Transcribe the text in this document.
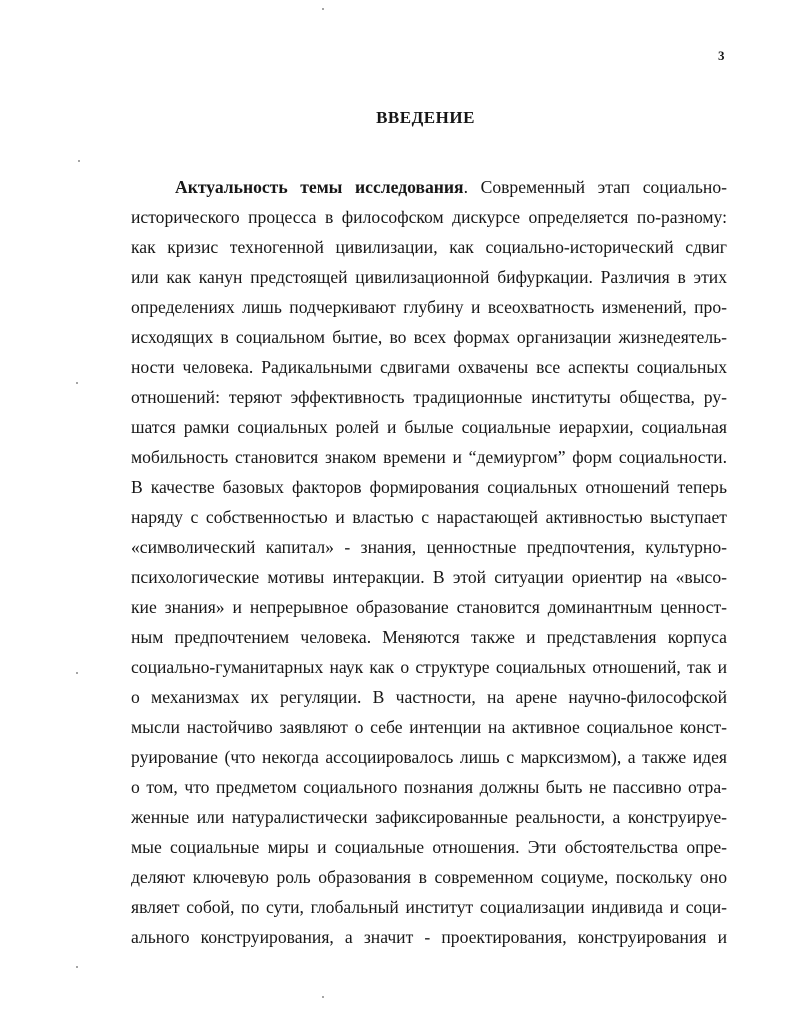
3
ВВЕДЕНИЕ
Актуальность темы исследования. Современный этап социально-
исторического процесса в философском дискурсе определяется по-разному:
как кризис техногенной цивилизации, как социально-исторический сдвиг
или как канун предстоящей цивилизационной бифуркации. Различия в этих
определениях лишь подчеркивают глубину и всеохватность изменений, про-
исходящих в социальном бытие, во всех формах организации жизнедеятель-
ности человека. Радикальными сдвигами охвачены все аспекты социальных
отношений: теряют эффективность традиционные институты общества, ру-
шатся рамки социальных ролей и былые социальные иерархии, социальная
мобильность становится знаком времени и “демиургом” форм социальности.
В качестве базовых факторов формирования социальных отношений теперь
наряду с собственностью и властью с нарастающей активностью выступает
«символический капитал» - знания, ценностные предпочтения, культурно-
психологические мотивы интеракции. В этой ситуации ориентир на «высо-
кие знания» и непрерывное образование становится доминантным ценност-
ным предпочтением человека. Меняются также и представления корпуса
социально-гуманитарных наук как о структуре социальных отношений, так и
о механизмах их регуляции. В частности, на арене научно-философской
мысли настойчиво заявляют о себе интенции на активное социальное конст-
руирование (что некогда ассоциировалось лишь с марксизмом), а также идея
о том, что предметом социального познания должны быть не пассивно отра-
женные или натуралистически зафиксированные реальности, а конструируе-
мые социальные миры и социальные отношения. Эти обстоятельства опре-
деляют ключевую роль образования в современном социуме, поскольку оно
являет собой, по сути, глобальный институт социализации индивида и соци-
ального конструирования, а значит - проектирования, конструирования и
